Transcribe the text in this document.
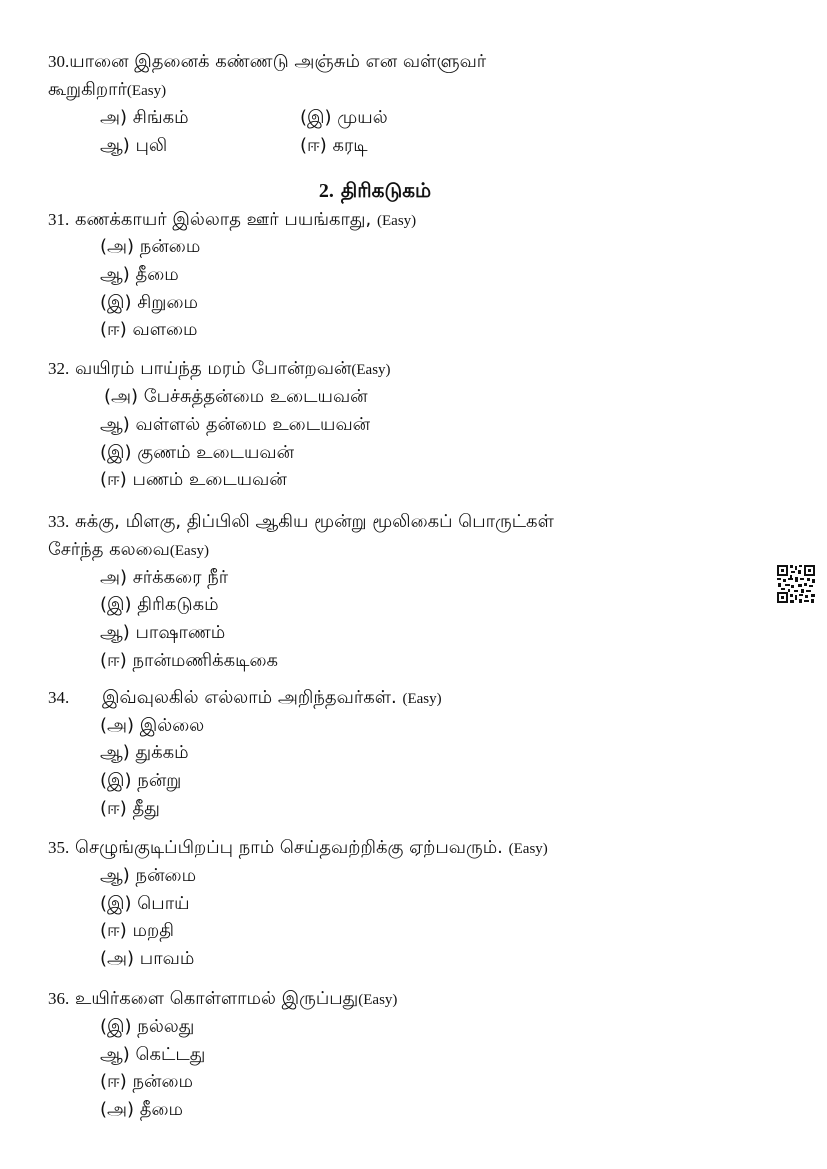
30.யானை இதனைக் கண்ணடு அஞ்சும் என வள்ளுவர்
கூறுகிறார்(Easy)
அ) சிங்கம்	(இ) முயல்
ஆ) புலி	(ஈ) கரடி
2. திரிகடுகம்
31. கணக்காயர் இல்லாத ஊர் பயங்காது, (Easy)
(அ) நன்மை
ஆ) தீமை
(இ) சிறுமை
(ஈ) வளமை
32. வயிரம் பாய்ந்த மரம் போன்றவன்(Easy)
(அ) பேச்சுத்தன்மை உடையவன்
ஆ) வள்ளல் தன்மை உடையவன்
(இ) குணம் உடையவன்
(ஈ) பணம் உடையவன்
33. சுக்கு, மிளகு, திப்பிலி ஆகிய மூன்று மூலிகைப் பொருட்கள்
சேர்ந்த கலவை(Easy)
அ) சர்க்கரை நீர்
(இ) திரிகடுகம்
ஆ) பாஷாணம்
(ஈ) நான்மணிக்கடிகை
34. இவ்வுலகில் எல்லாம் அறிந்தவர்கள். (Easy)
(அ) இல்லை
ஆ) துக்கம்
(இ) நன்று
(ஈ) தீது
35. செழுங்குடிப்பிறப்பு நாம் செய்தவற்றிக்கு ஏற்பவரும். (Easy)
ஆ) நன்மை
(இ) பொய்
(ஈ) மறதி
(அ) பாவம்
36. உயிர்களை கொள்ளாமல் இருப்பது(Easy)
(இ) நல்லது
ஆ) கெட்டது
(ஈ) நன்மை
(அ) தீமை
